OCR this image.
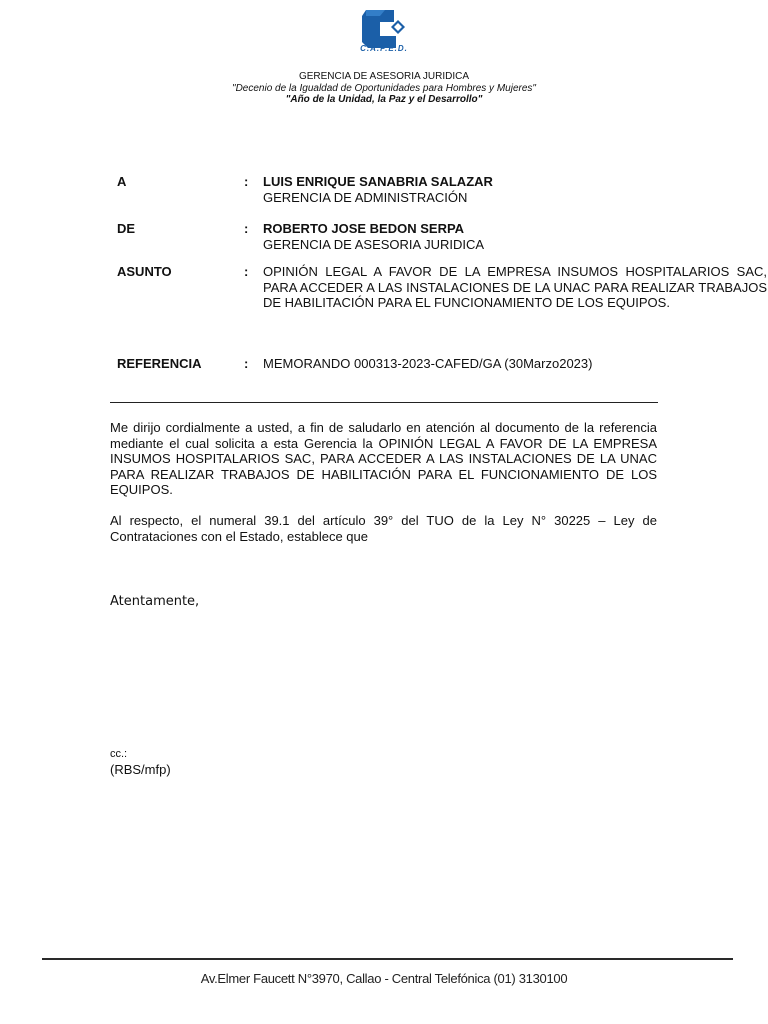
C.A.F.E.D.
GERENCIA DE ASESORIA JURIDICA
"Decenio de la Igualdad de Oportunidades para Hombres y Mujeres"
"Año de la Unidad, la Paz y el Desarrollo"
A	: LUIS ENRIQUE SANABRIA SALAZAR
GERENCIA DE ADMINISTRACIÓN
DE	: ROBERTO JOSE BEDON SERPA
GERENCIA DE ASESORIA JURIDICA
ASUNTO	: OPINIÓN LEGAL A FAVOR DE LA EMPRESA INSUMOS HOSPITALARIOS SAC, PARA ACCEDER A LAS INSTALACIONES DE LA UNAC PARA REALIZAR TRABAJOS DE HABILITACIÓN PARA EL FUNCIONAMIENTO DE LOS EQUIPOS.
REFERENCIA	: MEMORANDO 000313-2023-CAFED/GA (30Marzo2023)
Me dirijo cordialmente a usted, a fin de saludarlo en atención al documento de la referencia mediante el cual solicita a esta Gerencia la OPINIÓN LEGAL A FAVOR DE LA EMPRESA INSUMOS HOSPITALARIOS SAC, PARA ACCEDER A LAS INSTALACIONES DE LA UNAC PARA REALIZAR TRABAJOS DE HABILITACIÓN PARA EL FUNCIONAMIENTO DE LOS EQUIPOS.
Al respecto, el numeral 39.1 del artículo 39° del TUO de la Ley N° 30225 – Ley de Contrataciones con el Estado, establece que
Atentamente,
cc.:
(RBS/mfp)
Av.Elmer Faucett N°3970, Callao - Central Telefónica (01) 3130100
